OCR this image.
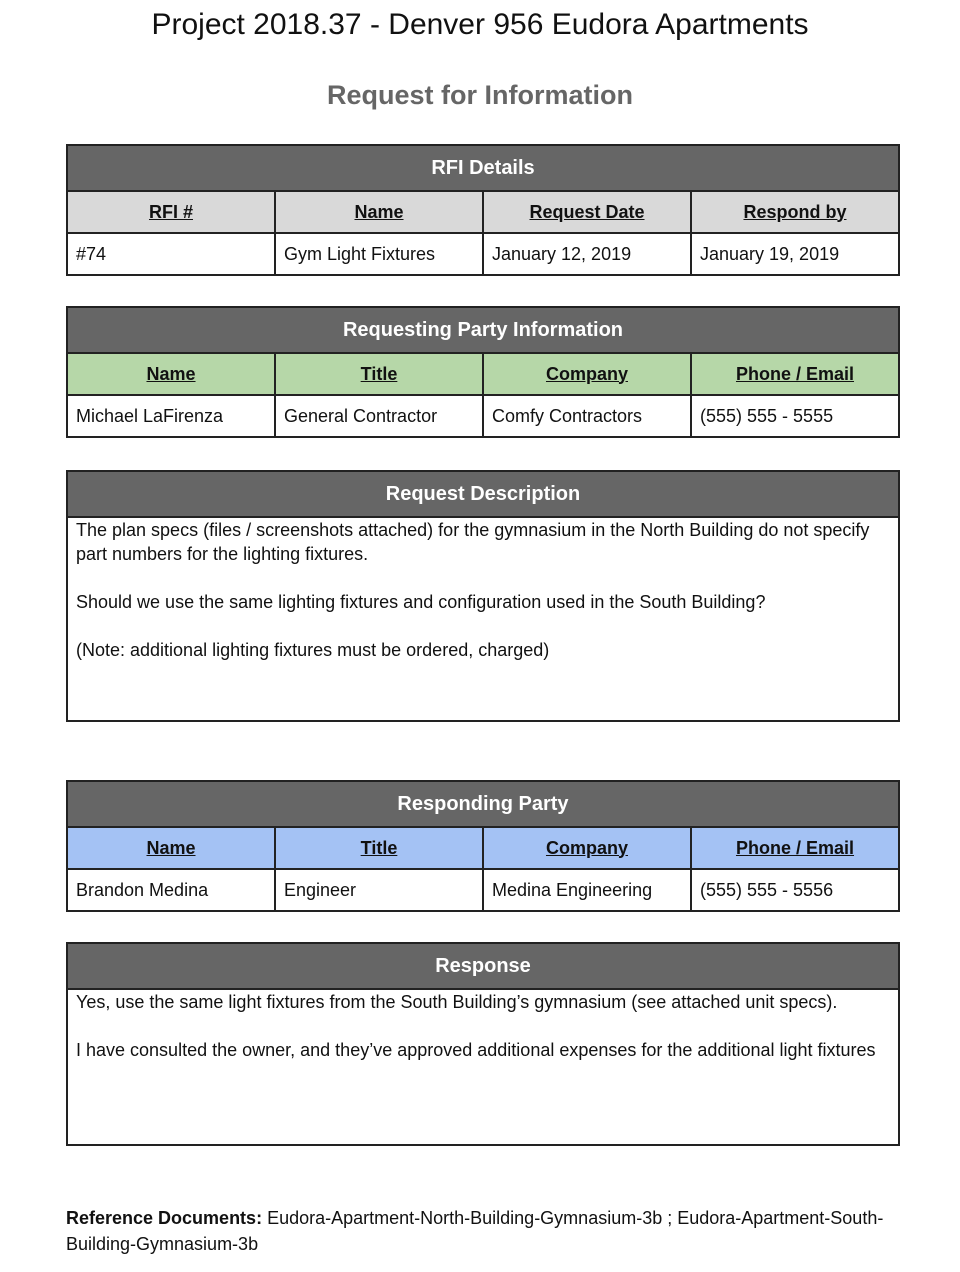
Project 2018.37 - Denver 956 Eudora Apartments
Request for Information
RFI Details			
RFI #	Name	Request Date	Respond by
#74	Gym Light Fixtures	January 12, 2019	January 19, 2019
Requesting Party Information			
Name	Title	Company	Phone / Email
Michael LaFirenza	General Contractor	Comfy Contractors	(555) 555 - 5555
Request Description

The plan specs (files / screenshots attached) for the gymnasium in the North Building do not specify part numbers for the lighting fixtures.

Should we use the same lighting fixtures and configuration used in the South Building?

(Note: additional lighting fixtures must be ordered, charged)

Responding Party			
Name	Title	Company	Phone / Email
Brandon Medina	Engineer	Medina Engineering	(555) 555 - 5556
Response

Yes, use the same light fixtures from the South Building’s gymnasium (see attached unit specs).

I have consulted the owner, and they’ve approved additional expenses for the additional light fixtures

Reference Documents: Eudora-Apartment-North-Building-Gymnasium-3b ; Eudora-Apartment-South-Building-Gymnasium-3b
